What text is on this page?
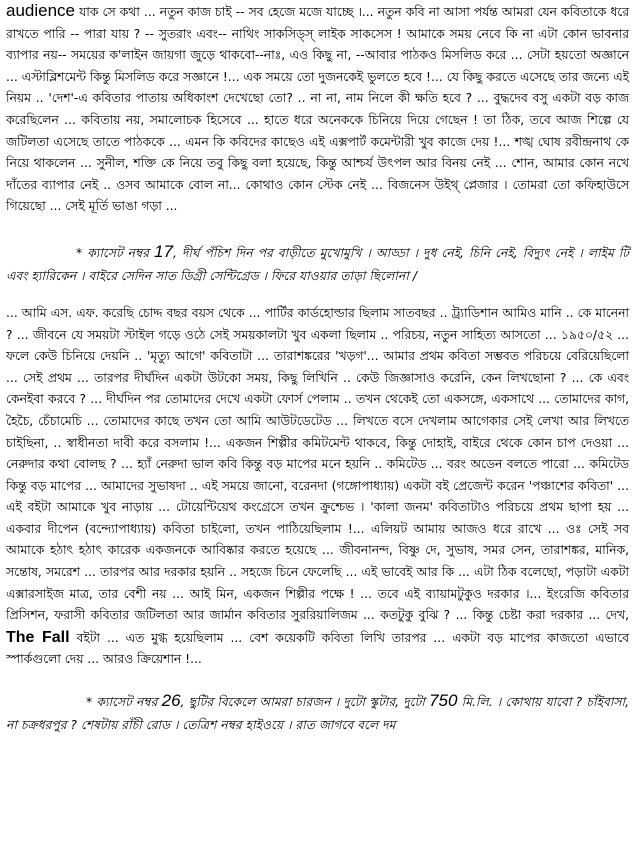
audience যাক সে কথা ... নতুন কাজ চাই -- সব হেজে মজে যাচ্ছে ।... নতুন কবি না আসা পর্যন্ত আমরা যেন কবিতাকে ধরে রাখতে পারি -- পারা যায় ? -- সুতরাং এবং-- নাথিং সাকসিড্স্ লাইক সাকসেস ! আমাকে সময় নেবে কি না এটা কোন ভাবনার ব্যাপার নয়-- সময়ের ক'লাইন জায়গা জুড়ে থাকবো--নাঃ, এও কিছু না, --আবার পাঠকও মিসলিড করে ... সেটা হয়তো অজ্ঞানে ... এস্টাব্লিশমেন্ট কিন্তু মিসলিড করে সজ্ঞানে !... এক সময়ে তো দুজনকেই ভুলতে হবে !... যে কিছু করতে এসেছে তার জন্যে এই নিয়ম .. 'দেশ'-এ কবিতার পাতায় অধিকাংশ দেখেছো তো? .. না না, নাম নিলে কী ক্ষতি হবে ? ... বুদ্ধদেব বসু একটা বড় কাজ করেছিলেন ... কবিতায় নয়, সমালোচক হিসেবে ... হাতে ধরে অনেককে চিনিয়ে দিয়ে গেছেন ! তা ঠিক, তবে আজ শিল্পে যে জটিলতা এসেছে তাতে পাঠককে ... এমন কি কবিদের কাছেও এই এক্সপার্ট কমেন্টারী খুব কাজে দেয় !... শঙ্খ ঘোষ রবীন্দ্রনাথ কে নিয়ে থাকলেন ... সুনীল, শক্তি কে নিয়ে তবু কিছু বলা হয়েছে, কিন্তু আশ্চর্য উৎপল আর বিনয় নেই ... শোন, আমার কোন নখে দাঁতের ব্যাপার নেই .. ওসব আমাকে বোল না... কোথাও কোন স্টেক নেই ... বিজনেস উইথ্ প্লেজার । তোমরা তো কফিহাউসে গিয়েছো ... সেই মূর্তি ভাঙা গড়া ...

* ক্যাসেট নম্বর 17, দীর্ঘ পঁচিশ দিন পর বাড়ীতে মুখোমুখি । আড্ডা । দুধ নেই, চিনি নেই, বিদ্যুৎ নেই । লাইম টি এবং হ্যারিকেন । বাইরে সেদিন সাত ডিগ্রী সেন্টিগ্রেড । ফিরে যাওয়ার তাড়া ছিলোনা /

... আমি এস. এফ. করেছি চোদ্দ বছর বয়স থেকে ... পার্টির কার্ডহোল্ডার ছিলাম সাতবছর .. ট্র্যাডিশান আমিও মানি .. কে মানেনা ? ... জীবনে যে সময়টা স্টাইল গড়ে ওঠে সেই সময়কালটা খুব একলা ছিলাম .. পরিচয়, নতুন সাহিত্য আসতো ... ১৯৫০/৫২ ... ফলে কেউ চিনিয়ে দেয়নি .. 'মৃত্যু আগে' কবিতাটা ... তারাশঙ্করের 'খড়গ'... আমার প্রথম কবিতা সম্ভবত পরিচয়ে বেরিয়েছিলো ... সেই প্রথম ... তারপর দীর্ঘদিন একটা উটকো সময়, কিছু লিখিনি .. কেউ জিজ্ঞাসাও করেনি, কেন লিখছোনা ? ... কে এবং কেনইবা করবে ? ... দীর্ঘদিন পর তোমাদের দেখে একটা ফোর্স পেলাম .. তখন থেকেই তো একসঙ্গে, একসাথে ... তোমাদের কাগ, হৈচৈ, চেঁচামেচি ... তোমাদের কাছে তখন তো আমি আউটডেটেড ... লিখতে বসে দেখলাম আগেকার সেই লেখা আর লিখতে চাইছিনা, .. স্বাধীনতা দাবী করে বসলাম !... একজন শিল্পীর কমিটমেন্ট থাকবে, কিন্তু দোহাই, বাইরে থেকে কোন চাপ দেওয়া ... নেরুদার কথা বোলছ ? ... হ্যাঁ নেরুদা ভাল কবি কিন্তু বড় মাপের মনে হয়নি .. কমিটেড ... বরং অডেন বলতে পারো ... কমিটেড কিন্তু বড় মাপের ... আমাদের সুভাষদা .. এই সময়ে জানো, বরেনদা (গঙ্গোপাধ্যায়) একটা বই প্রেজেন্ট করেন 'পঞ্চাশের কবিতা' ... এই বইটা আমাকে খুব নাড়ায় ... টোয়েন্টিয়েথ কংগ্রেসে তখন ক্রুশ্চেভ । 'কালা জনম' কবিতাটাও পরিচয়ে প্রথম ছাপা হয় ... একবার দীপেন (বন্দ্যোপাধ্যায়) কবিতা চাইলো, তখন পাঠিয়েছিলাম !... এলিয়ট আমায় আজও ধরে রাখে ... ওঃ সেই সব আমাকে হঠাৎ হঠাৎ কারেক একজনকে আবিষ্কার করতে হয়েছে ... জীবনানন্দ, বিষ্ণু দে, সুভাষ, সমর সেন, তারাশঙ্কর, মানিক, সন্তোষ, সমরেশ ... তারপর আর দরকার হয়নি .. সহজে চিনে ফেলেছি ... এই ভাবেই আর কি ... এটা ঠিক বলেছো, পড়াটা একটা এক্সারসাইজ মাত্র, তার বেশী নয় ... আই মিন, একজন শিল্পীর পক্ষে ! ... তবে এই ব্যায়ামটুকুও দরকার ।... ইংরেজি কবিতার প্রিসিশন, ফরাসী কবিতার জটিলতা আর জার্মান কবিতার সুররিয়ালিজম ... কতটুকু বুঝি ? ... কিন্তু চেষ্টা করা দরকার ... দেখ, The Fall বইটা ... এত মুগ্ধ হয়েছিলাম ... বেশ কয়েকটি কবিতা লিখি তারপর ... একটা বড় মাপের কাজতো এভাবে স্পার্কগুলো দেয় ... আরও ক্রিয়েশান !...

* ক্যাসেট নম্বর 26, ছুটির বিকেলে আমরা চারজন । দুটো স্কুটার, দুটো 750 মি.লি. । কোথায় যাবো ? চাঁইবাসা, না চক্রধরপুর ? শেষটায় রাঁচী রোড । তেত্রিশ নম্বর হাইওয়ে । রাত জাগবে বলে দম
